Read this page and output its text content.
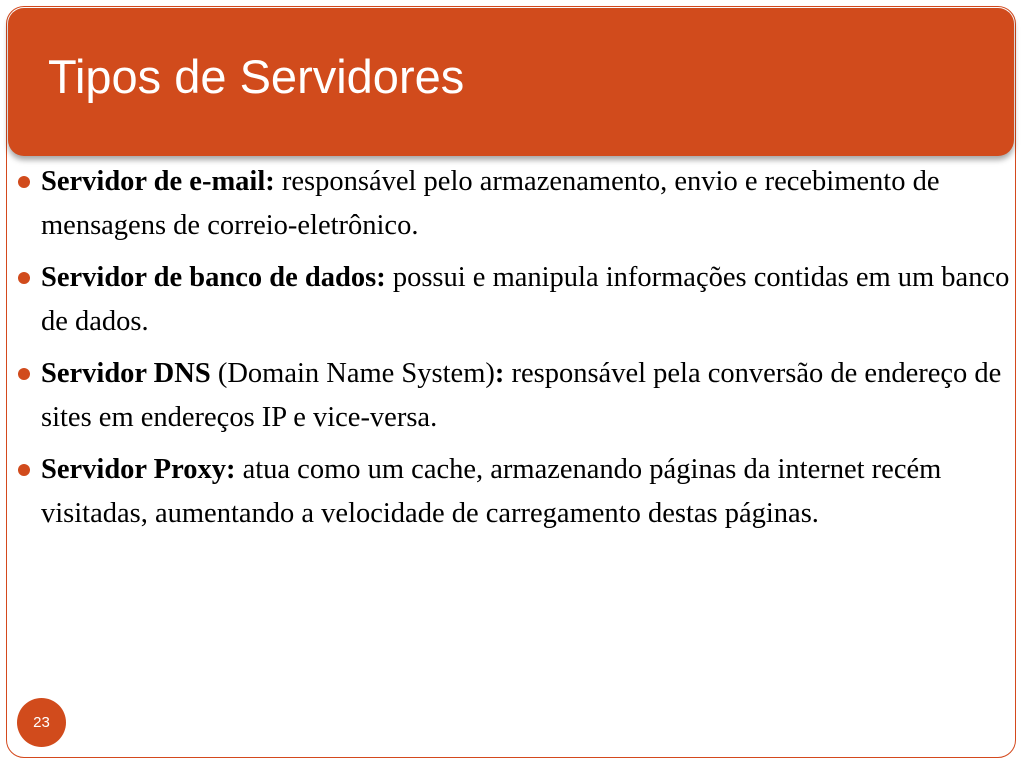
Tipos de Servidores
Servidor de e-mail: responsável pelo armazenamento, envio e recebimento de mensagens de correio-eletrônico.
Servidor de banco de dados: possui e manipula informações contidas em um banco de dados.
Servidor DNS (Domain Name System): responsável pela conversão de endereço de sites em endereços IP e vice-versa.
Servidor Proxy: atua como um cache, armazenando páginas da internet recém visitadas, aumentando a velocidade de carregamento destas páginas.
23
